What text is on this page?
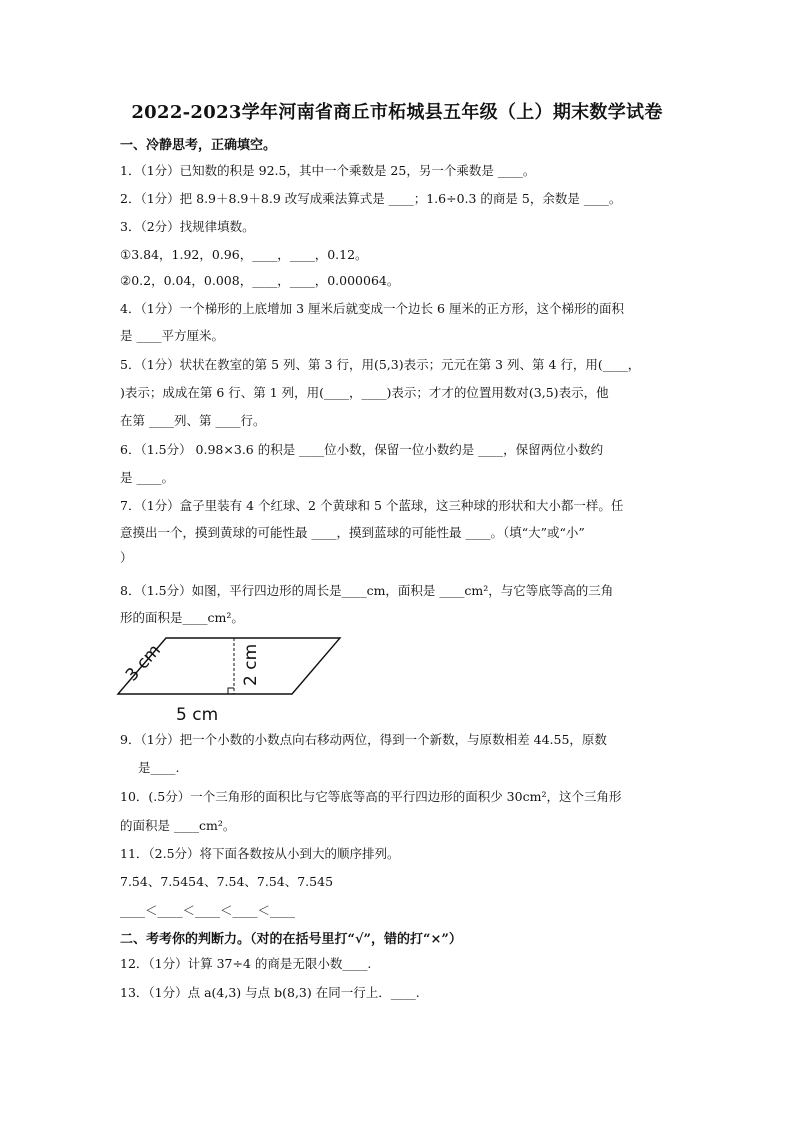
2022-2023学年河南省商丘市柘城县五年级（上）期末数学试卷
一、冷静思考，正确填空。
1．（1分）已知数的积是 92.5，其中一个乘数是 25，另一个乘数是 ____。
2．（1分）把 8.9＋8.9＋8.9 改写成乘法算式是 ____；1.6÷0.3 的商是 5，余数是 ____。
3．（2分）找规律填数。
①3.84，1.92，0.96，____，____，0.12。
②0.2，0.04，0.008，____，____，0.000064。
4．（1分）一个梯形的上底增加 3 厘米后就变成一个边长 6 厘米的正方形，这个梯形的面积
是 ____平方厘米。
5．（1分）状状在教室的第 5 列、第 3 行，用(5,3)表示；元元在第 3 列、第 4 行，用(____，
)表示；成成在第 6 行、第 1 列，用(____，____)表示；才才的位置用数对(3,5)表示，他
在第 ____列、第 ____行。
6．（1.5分） 0.98×3.6 的积是 ____位小数，保留一位小数约是 ____，保留两位小数约
是 ____。
7．（1分）盒子里装有 4 个红球、2 个黄球和 5 个蓝球，这三种球的形状和大小都一样。任
意摸出一个，摸到黄球的可能性最 ____，摸到蓝球的可能性最 ____。（填“大”或“小”
）
8．（1.5分）如图，平行四边形的周长是____cm，面积是 ____cm²，与它等底等高的三角
形的面积是____cm²。
3 cm	2 cm
5 cm
9．（1分）把一个小数的小数点向右移动两位，得到一个新数，与原数相差 44.55，原数
是____.
10．(.5分）一个三角形的面积比与它等底等高的平行四边形的面积少 30cm²，这个三角形
的面积是 ____cm²。
11．（2.5分）将下面各数按从小到大的顺序排列。
7.5̇4̇、7.5454、7.54、7.54̇、7.5̇45̇
____＜____＜____＜____＜____
二、考考你的判断力。（对的在括号里打“√”，错的打“×”）
12．（1分）计算 37÷4 的商是无限小数____.
13．（1分）点 a(4,3) 与点 b(8,3) 在同一行上．____.
